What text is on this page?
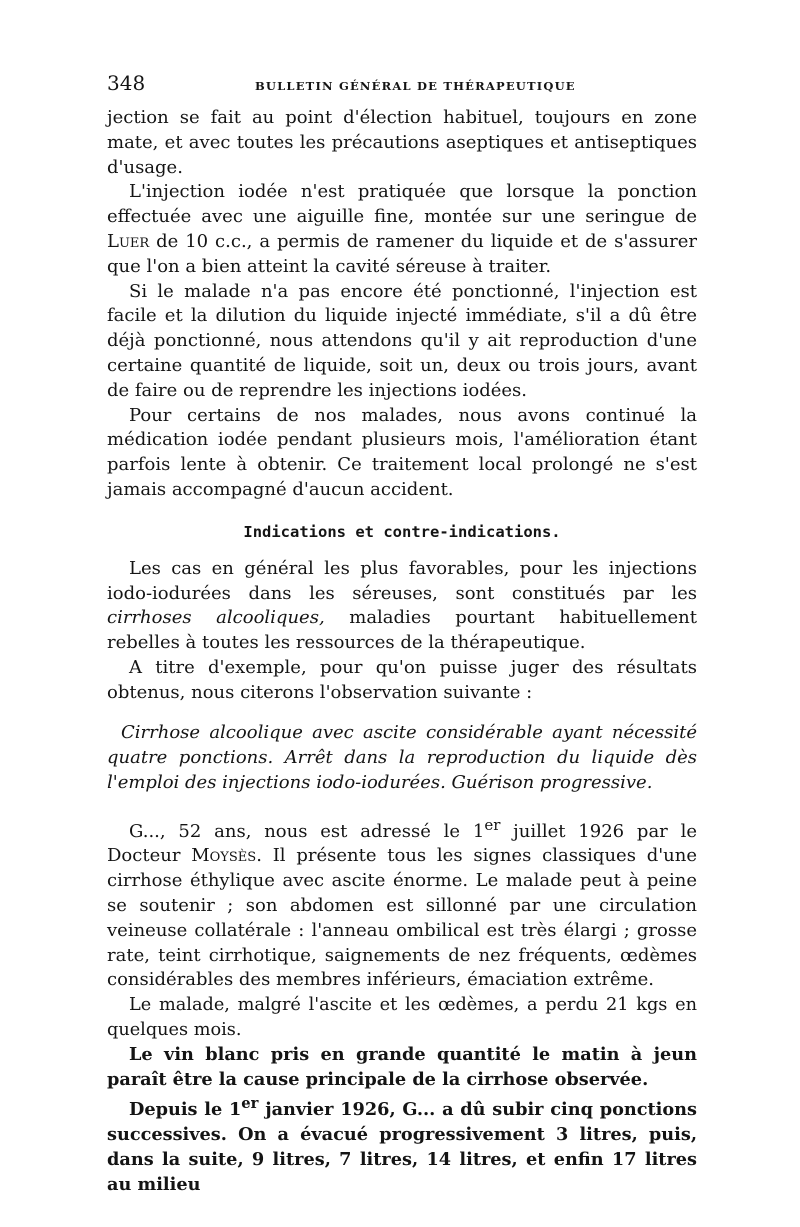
348	BULLETIN GÉNÉRAL DE THÉRAPEUTIQUE

jection se fait au point d'élection habituel, toujours en zone mate, et avec toutes les précautions aseptiques et antiseptiques d'usage.

L'injection iodée n'est pratiquée que lorsque la ponction effectuée avec une aiguille fine, montée sur une seringue de Luer de 10 c.c., a permis de ramener du liquide et de s'assurer que l'on a bien atteint la cavité séreuse à traiter.

Si le malade n'a pas encore été ponctionné, l'injection est facile et la dilution du liquide injecté immédiate, s'il a dû être déjà ponctionné, nous attendons qu'il y ait reproduction d'une certaine quantité de liquide, soit un, deux ou trois jours, avant de faire ou de reprendre les injections iodées.

Pour certains de nos malades, nous avons continué la médication iodée pendant plusieurs mois, l'amélioration étant parfois lente à obtenir. Ce traitement local prolongé ne s'est jamais accompagné d'aucun accident.

Indications et contre-indications.

Les cas en général les plus favorables, pour les injections iodo-iodurées dans les séreuses, sont constitués par les cirrhoses alcooliques, maladies pourtant habituellement rebelles à toutes les ressources de la thérapeutique.

A titre d'exemple, pour qu'on puisse juger des résultats obtenus, nous citerons l'observation suivante :

Cirrhose alcoolique avec ascite considérable ayant nécessité quatre ponctions. Arrêt dans la reproduction du liquide dès l'emploi des injections iodo-iodurées. Guérison progressive.

G..., 52 ans, nous est adressé le 1er juillet 1926 par le Docteur Moysès. Il présente tous les signes classiques d'une cirrhose éthylique avec ascite énorme. Le malade peut à peine se soutenir ; son abdomen est sillonné par une circulation veineuse collatérale : l'anneau ombilical est très élargi ; grosse rate, teint cirrhotique, saignements de nez fréquents, œdèmes considérables des membres inférieurs, émaciation extrême.

Le malade, malgré l'ascite et les œdèmes, a perdu 21 kgs en quelques mois.

Le vin blanc pris en grande quantité le matin à jeun paraît être la cause principale de la cirrhose observée.

Depuis le 1er janvier 1926, G... a dû subir cinq ponctions successives. On a évacué progressivement 3 litres, puis, dans la suite, 9 litres, 7 litres, 14 litres, et enfin 17 litres au milieu
